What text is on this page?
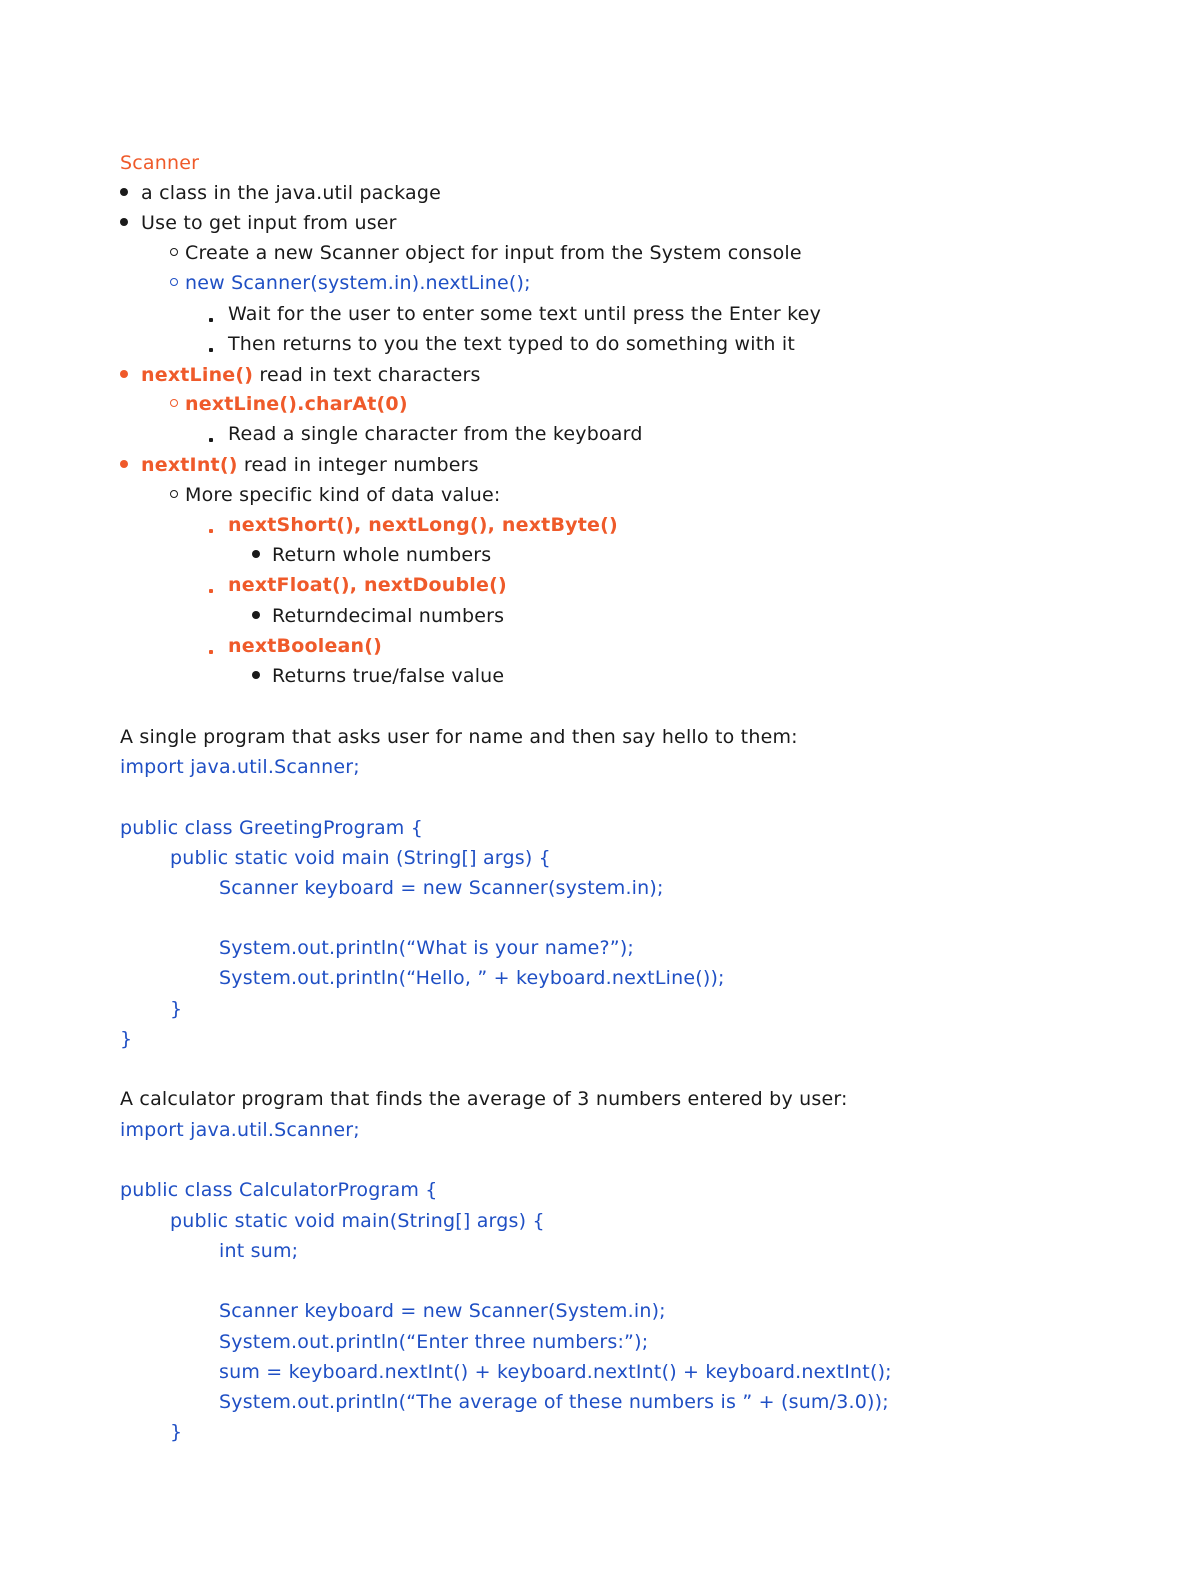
Scanner
a class in the java.util package
Use to get input from user
Create a new Scanner object for input from the System console
new Scanner(system.in).nextLine();
Wait for the user to enter some text until press the Enter key
Then returns to you the text typed to do something with it
nextLine() read in text characters
nextLine().charAt(0)
Read a single character from the keyboard
nextInt() read in integer numbers
More specific kind of data value:
nextShort(), nextLong(), nextByte()
Return whole numbers
nextFloat(), nextDouble()
Returndecimal numbers
nextBoolean()
Returns true/false value
A single program that asks user for name and then say hello to them:
import java.util.Scanner;
public class GreetingProgram {
public static void main (String[] args) {
Scanner keyboard = new Scanner(system.in);
System.out.println(“What is your name?”);
System.out.println(“Hello, ” + keyboard.nextLine());
}
}
A calculator program that finds the average of 3 numbers entered by user:
import java.util.Scanner;
public class CalculatorProgram {
public static void main(String[] args) {
int sum;
Scanner keyboard = new Scanner(System.in);
System.out.println(“Enter three numbers:”);
sum = keyboard.nextInt() + keyboard.nextInt() + keyboard.nextInt();
System.out.println(“The average of these numbers is ” + (sum/3.0));
}
